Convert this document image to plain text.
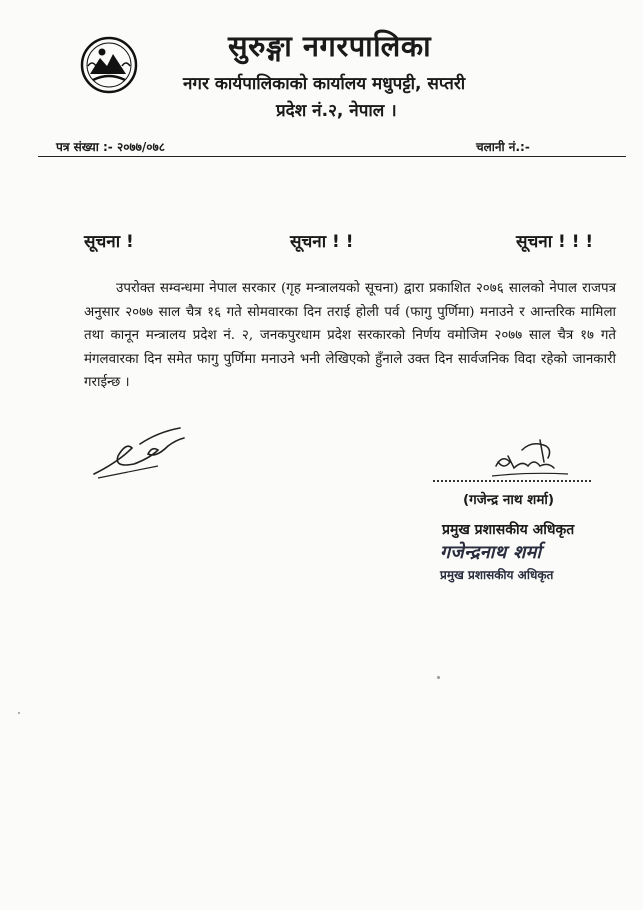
सुरुङ्गा नगरपालिका
नगर कार्यपालिकाको कार्यालय मधुपट्टी, सप्तरी
प्रदेश नं.२, नेपाल ।
पत्र संख्या :- २०७७/०७८	चलानी नं.:-
सूचना !	सूचना ! !	सूचना ! ! !
उपरोक्त सम्वन्धमा नेपाल सरकार (गृह मन्त्रालयको सूचना) द्वारा प्रकाशित २०७६ सालको नेपाल राजपत्र अनुसार २०७७ साल चैत्र १६ गते सोमवारका दिन तराई होली पर्व (फागु पुर्णिमा) मनाउने र आन्तरिक मामिला तथा कानून मन्त्रालय प्रदेश नं. २, जनकपुरधाम प्रदेश सरकारको निर्णय वमोजिम २०७७ साल चैत्र १७ गते मंगलवारका दिन समेत फागु पुर्णिमा मनाउने भनी लेखिएको हुँनाले उक्त दिन सार्वजनिक विदा रहेको जानकारी गराईन्छ ।
(गजेन्द्र नाथ शर्मा)
प्रमुख प्रशासकीय अधिकृत
गजेन्द्रनाथ शर्मा
प्रमुख प्रशासकीय अधिकृत
